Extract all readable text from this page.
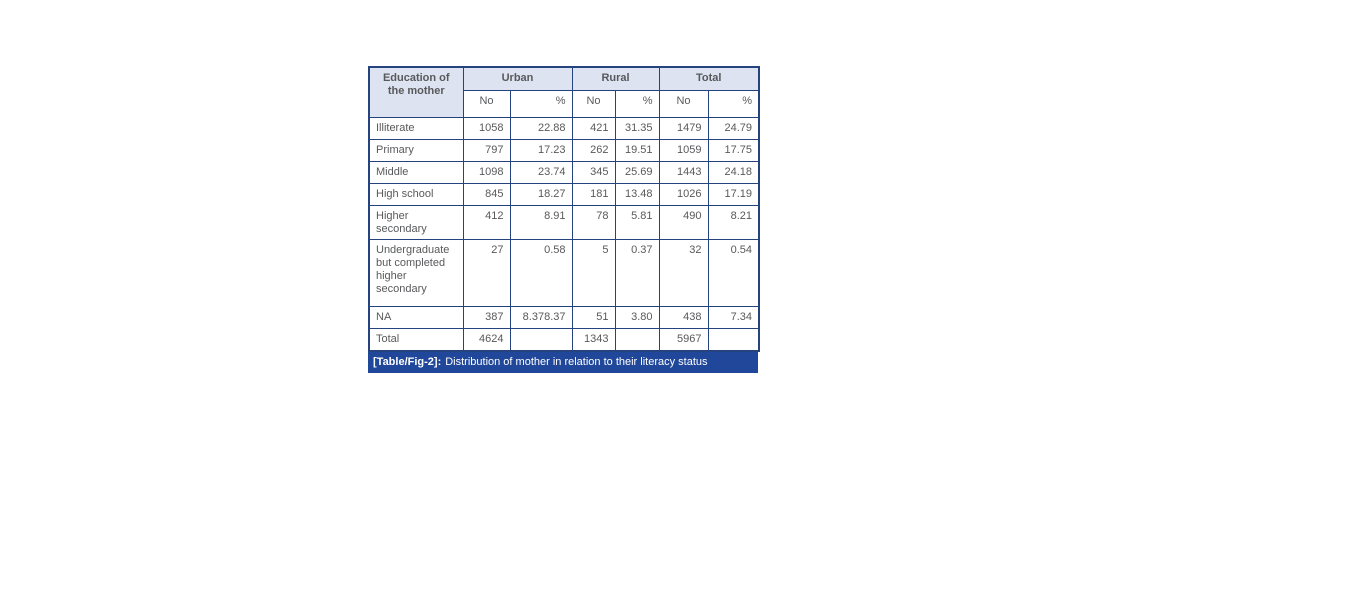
Education of the mother	Urban		Rural		Total	
	No	%	No	%	No	%
Illiterate	1058	22.88	421	31.35	1479	24.79
Primary	797	17.23	262	19.51	1059	17.75
Middle	1098	23.74	345	25.69	1443	24.18
High school	845	18.27	181	13.48	1026	17.19
Higher secondary	412	8.91	78	5.81	490	8.21
Undergraduate but completed higher secondary	27	0.58	5	0.37	32	0.54
NA	387	8.378.37	51	3.80	438	7.34
Total	4624		1343		5967	
[Table/Fig-2]: Distribution of mother in relation to their literacy status
